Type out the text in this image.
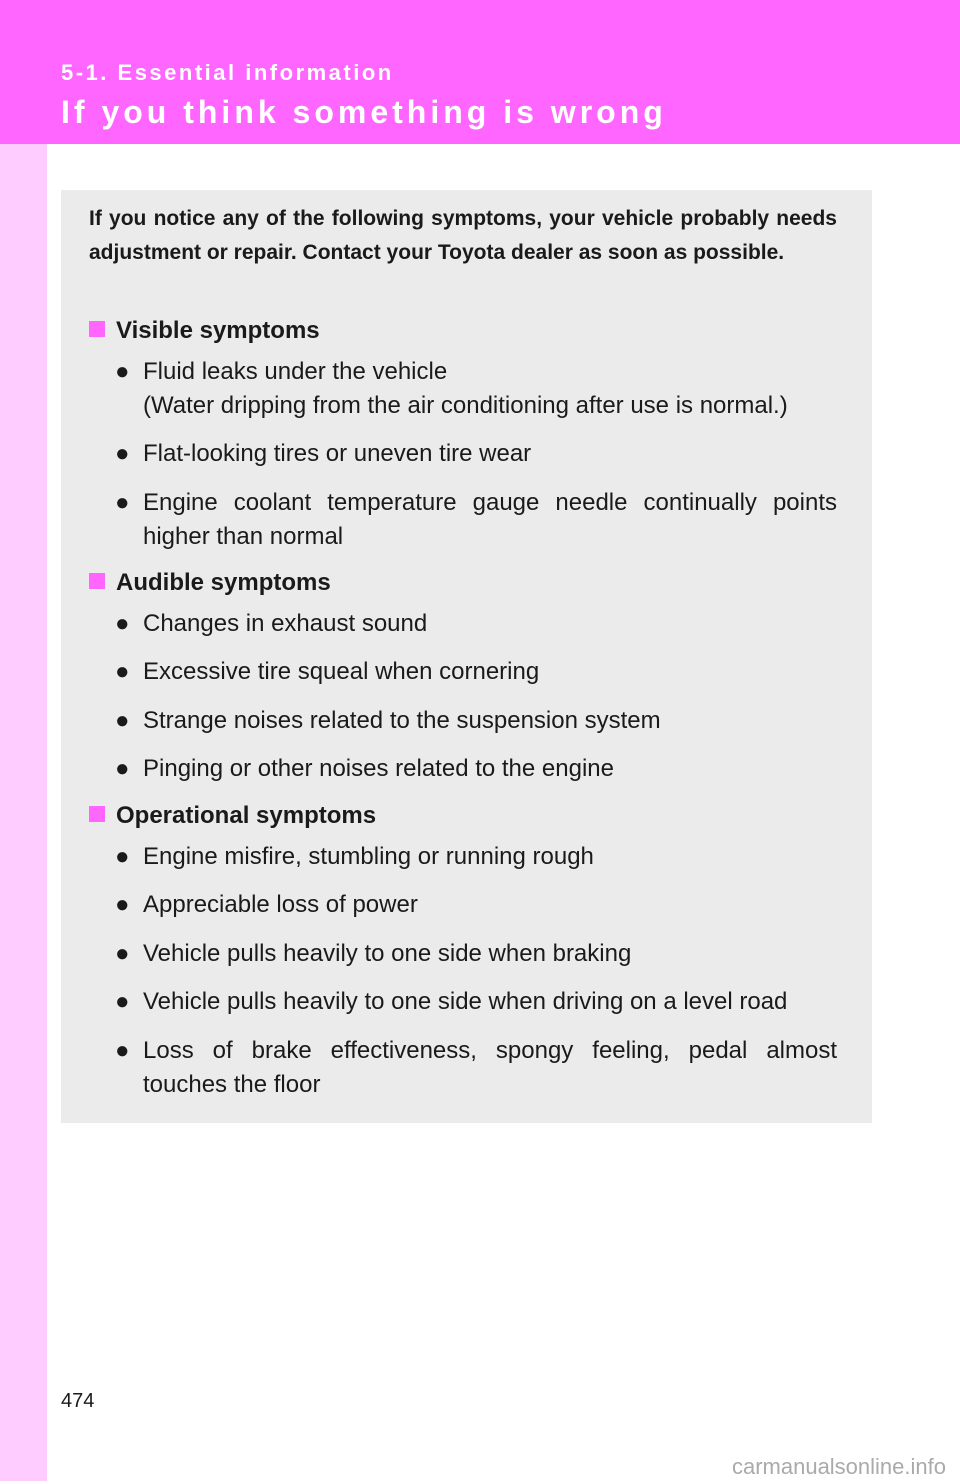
5-1. Essential information
If you think something is wrong
If you notice any of the following symptoms, your vehicle probably needs adjustment or repair. Contact your Toyota dealer as soon as possible.
Visible symptoms
● Fluid leaks under the vehicle
(Water dripping from the air conditioning after use is normal.)
● Flat-looking tires or uneven tire wear
● Engine coolant temperature gauge needle continually points higher than normal
Audible symptoms
● Changes in exhaust sound
● Excessive tire squeal when cornering
● Strange noises related to the suspension system
● Pinging or other noises related to the engine
Operational symptoms
● Engine misfire, stumbling or running rough
● Appreciable loss of power
● Vehicle pulls heavily to one side when braking
● Vehicle pulls heavily to one side when driving on a level road
● Loss of brake effectiveness, spongy feeling, pedal almost touches the floor
474
carmanualsonline.info
